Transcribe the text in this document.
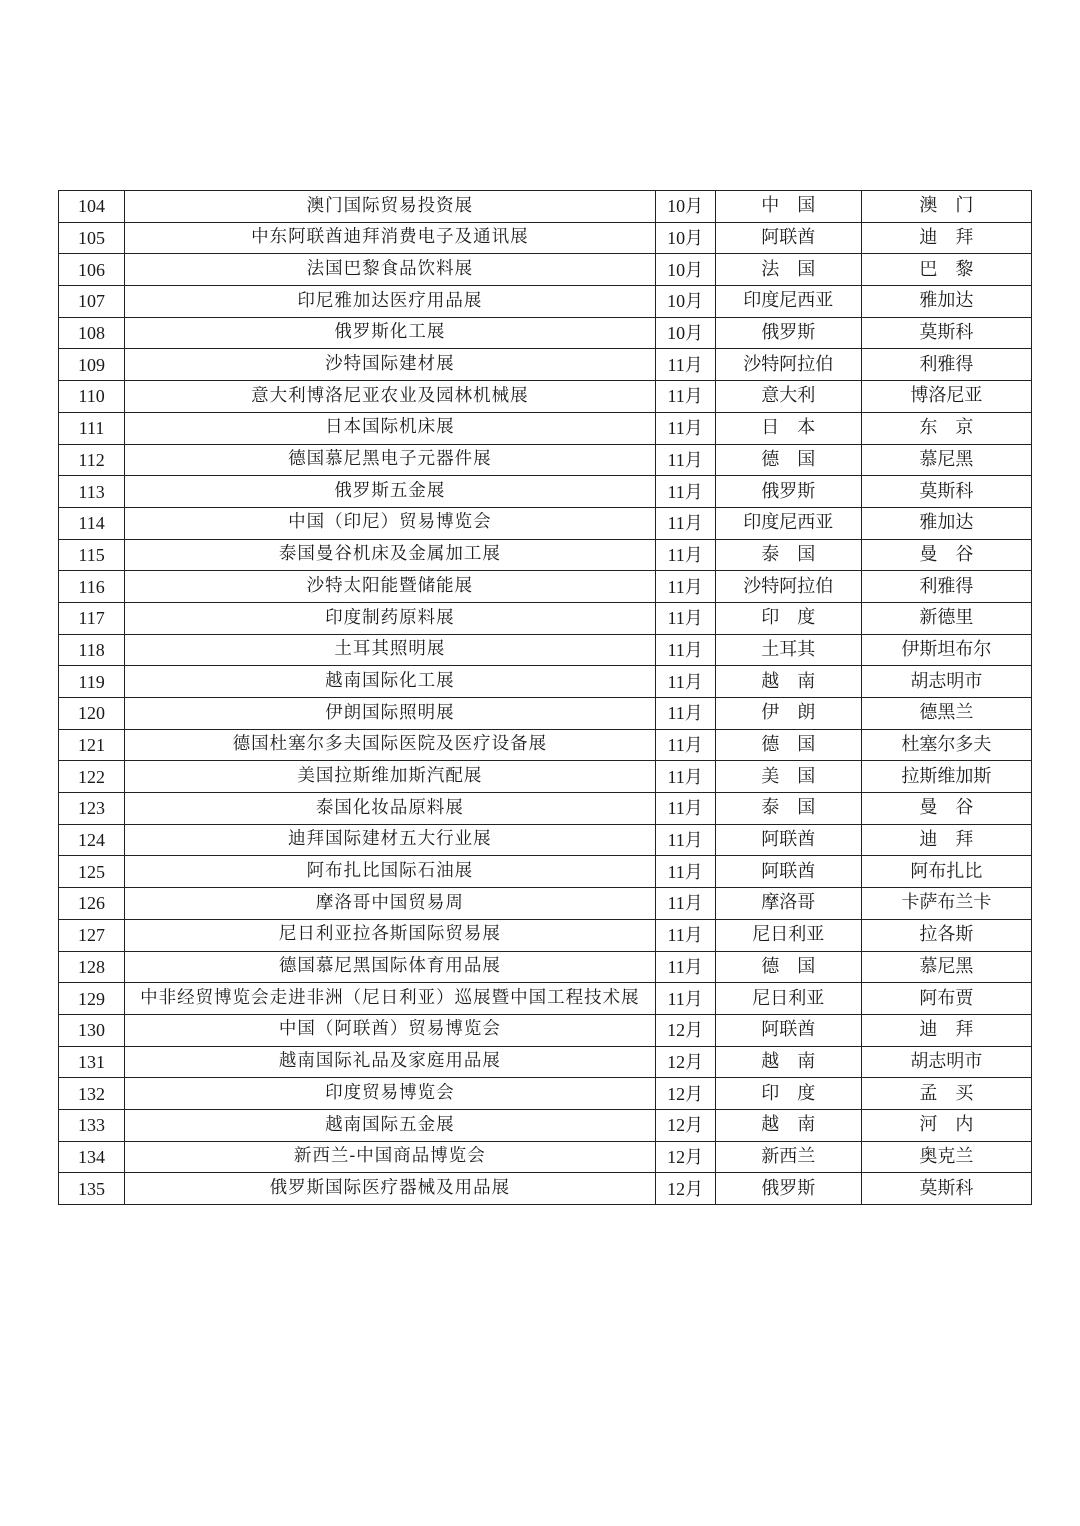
104	澳门国际贸易投资展	10月	中　国	澳　门
105	中东阿联酋迪拜消费电子及通讯展	10月	阿联酋	迪　拜
106	法国巴黎食品饮料展	10月	法　国	巴　黎
107	印尼雅加达医疗用品展	10月	印度尼西亚	雅加达
108	俄罗斯化工展	10月	俄罗斯	莫斯科
109	沙特国际建材展	11月	沙特阿拉伯	利雅得
110	意大利博洛尼亚农业及园林机械展	11月	意大利	博洛尼亚
111	日本国际机床展	11月	日　本	东　京
112	德国慕尼黑电子元器件展	11月	德　国	慕尼黑
113	俄罗斯五金展	11月	俄罗斯	莫斯科
114	中国（印尼）贸易博览会	11月	印度尼西亚	雅加达
115	泰国曼谷机床及金属加工展	11月	泰　国	曼　谷
116	沙特太阳能暨储能展	11月	沙特阿拉伯	利雅得
117	印度制药原料展	11月	印　度	新德里
118	土耳其照明展	11月	土耳其	伊斯坦布尔
119	越南国际化工展	11月	越　南	胡志明市
120	伊朗国际照明展	11月	伊　朗	德黑兰
121	德国杜塞尔多夫国际医院及医疗设备展	11月	德　国	杜塞尔多夫
122	美国拉斯维加斯汽配展	11月	美　国	拉斯维加斯
123	泰国化妆品原料展	11月	泰　国	曼　谷
124	迪拜国际建材五大行业展	11月	阿联酋	迪　拜
125	阿布扎比国际石油展	11月	阿联酋	阿布扎比
126	摩洛哥中国贸易周	11月	摩洛哥	卡萨布兰卡
127	尼日利亚拉各斯国际贸易展	11月	尼日利亚	拉各斯
128	德国慕尼黑国际体育用品展	11月	德　国	慕尼黑
129	中非经贸博览会走进非洲（尼日利亚）巡展暨中国工程技术展	11月	尼日利亚	阿布贾
130	中国（阿联酋）贸易博览会	12月	阿联酋	迪　拜
131	越南国际礼品及家庭用品展	12月	越　南	胡志明市
132	印度贸易博览会	12月	印　度	孟　买
133	越南国际五金展	12月	越　南	河　内
134	新西兰-中国商品博览会	12月	新西兰	奥克兰
135	俄罗斯国际医疗器械及用品展	12月	俄罗斯	莫斯科
